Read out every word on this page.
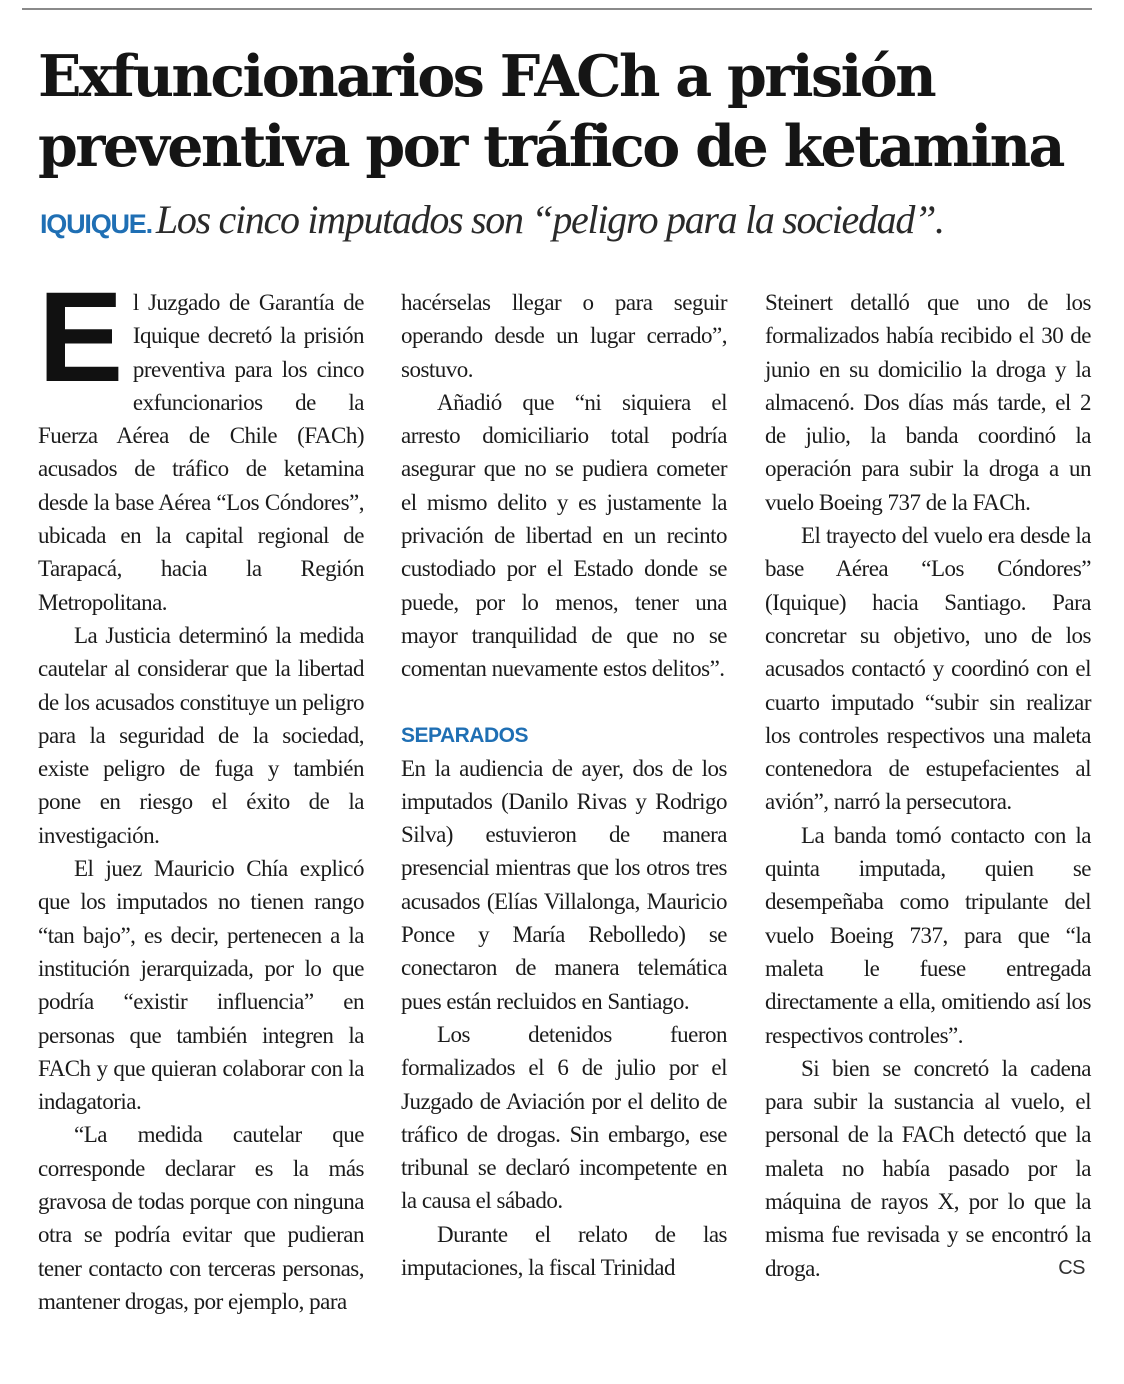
Exfuncionarios FACh a prisión
preventiva por tráfico de ketamina

IQUIQUE. Los cinco imputados son “peligro para la sociedad”.

El Juzgado de Garantía de Iquique decretó la prisión preventiva para los cinco exfuncionarios de la Fuerza Aérea de Chile (FACh) acusados de tráfico de ketamina desde la base Aérea “Los Cóndores”, ubicada en la capital regional de Tarapacá, hacia la Región Metropolitana.

La Justicia determinó la medida cautelar al considerar que la libertad de los acusados constituye un peligro para la seguridad de la sociedad, existe peligro de fuga y también pone en riesgo el éxito de la investigación.

El juez Mauricio Chía explicó que los imputados no tienen rango “tan bajo”, es decir, pertenecen a la institución jerarquizada, por lo que podría “existir influencia” en personas que también integren la FACh y que quieran colaborar con la indagatoria.

“La medida cautelar que corresponde declarar es la más gravosa de todas porque con ninguna otra se podría evitar que pudieran tener contacto con terceras personas, mantener drogas, por ejemplo, para

hacérselas llegar o para seguir operando desde un lugar cerrado”, sostuvo.

Añadió que “ni siquiera el arresto domiciliario total podría asegurar que no se pudiera cometer el mismo delito y es justamente la privación de libertad en un recinto custodiado por el Estado donde se puede, por lo menos, tener una mayor tranquilidad de que no se comentan nuevamente estos delitos”.

SEPARADOS

En la audiencia de ayer, dos de los imputados (Danilo Rivas y Rodrigo Silva) estuvieron de manera presencial mientras que los otros tres acusados (Elías Villalonga, Mauricio Ponce y María Rebolledo) se conectaron de manera telemática pues están recluidos en Santiago.

Los detenidos fueron formalizados el 6 de julio por el Juzgado de Aviación por el delito de tráfico de drogas. Sin embargo, ese tribunal se declaró incompetente en la causa el sábado.

Durante el relato de las imputaciones, la fiscal Trinidad

Steinert detalló que uno de los formalizados había recibido el 30 de junio en su domicilio la droga y la almacenó. Dos días más tarde, el 2 de julio, la banda coordinó la operación para subir la droga a un vuelo Boeing 737 de la FACh.

El trayecto del vuelo era desde la base Aérea “Los Cóndores” (Iquique) hacia Santiago. Para concretar su objetivo, uno de los acusados contactó y coordinó con el cuarto imputado “subir sin realizar los controles respectivos una maleta contenedora de estupefacientes al avión”, narró la persecutora.

La banda tomó contacto con la quinta imputada, quien se desempeñaba como tripulante del vuelo Boeing 737, para que “la maleta le fuese entregada directamente a ella, omitiendo así los respectivos controles”.

Si bien se concretó la cadena para subir la sustancia al vuelo, el personal de la FACh detectó que la maleta no había pasado por la máquina de rayos X, por lo que la misma fue revisada y se encontró la droga.	CS
